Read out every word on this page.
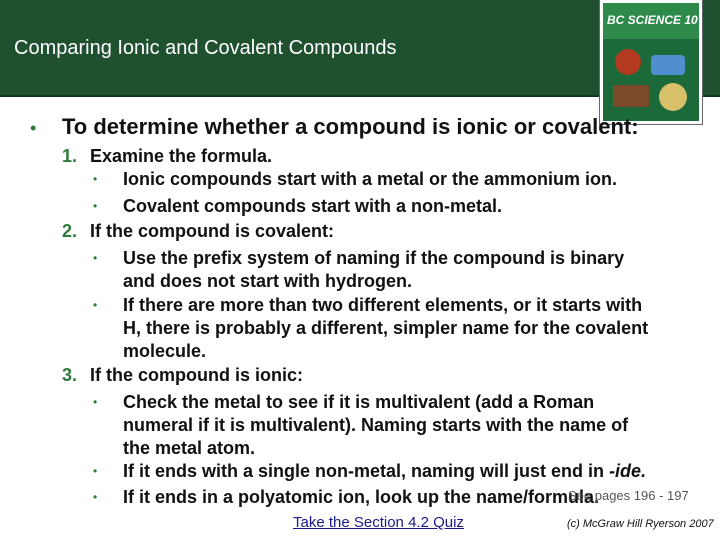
Comparing Ionic and Covalent Compounds
BC SCIENCE 10
• To determine whether a compound is ionic or covalent:
1. Examine the formula.
• Ionic compounds start with a metal or the ammonium ion.
• Covalent compounds start with a non-metal.
2. If the compound is covalent:
• Use the prefix system of naming if the compound is binary
and does not start with hydrogen.
• If there are more than two different elements, or it starts with
H, there is probably a different, simpler name for the covalent
molecule.
3. If the compound is ionic:
• Check the metal to see if it is multivalent (add a Roman
numeral if it is multivalent). Naming starts with the name of
the metal atom.
• If it ends with a single non-metal, naming will just end in -ide.
• If it ends in a polyatomic ion, look up the name/formula.
See pages 196 - 197
Take the Section 4.2 Quiz	(c) McGraw Hill Ryerson 2007
